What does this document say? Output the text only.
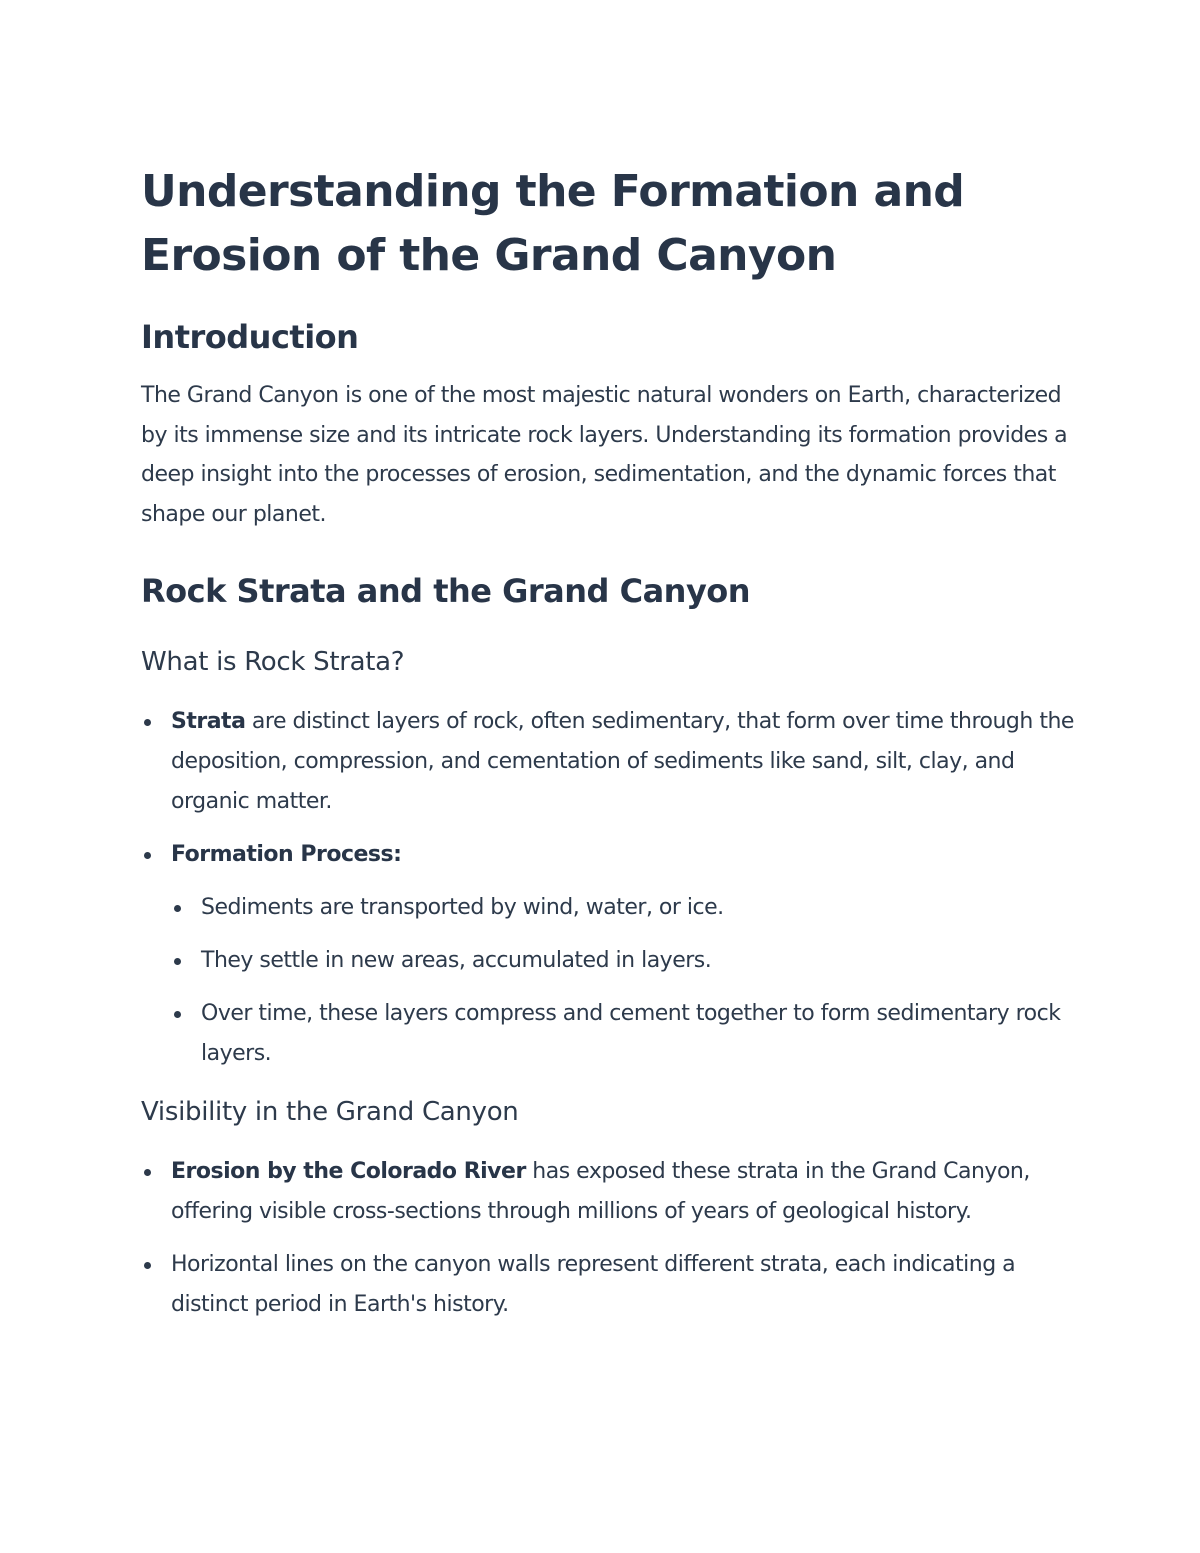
Understanding the Formation and
Erosion of the Grand Canyon
Introduction

The Grand Canyon is one of the most majestic natural wonders on Earth, characterized by its immense size and its intricate rock layers. Understanding its formation provides a deep insight into the processes of erosion, sedimentation, and the dynamic forces that shape our planet.

Rock Strata and the Grand Canyon
What is Rock Strata?
Strata are distinct layers of rock, often sedimentary, that form over time through the deposition, compression, and cementation of sediments like sand, silt, clay, and organic matter.
Formation Process:
Sediments are transported by wind, water, or ice.
They settle in new areas, accumulated in layers.
Over time, these layers compress and cement together to form sedimentary rock layers.
Visibility in the Grand Canyon
Erosion by the Colorado River has exposed these strata in the Grand Canyon, offering visible cross-sections through millions of years of geological history.
Horizontal lines on the canyon walls represent different strata, each indicating a distinct period in Earth's history.
